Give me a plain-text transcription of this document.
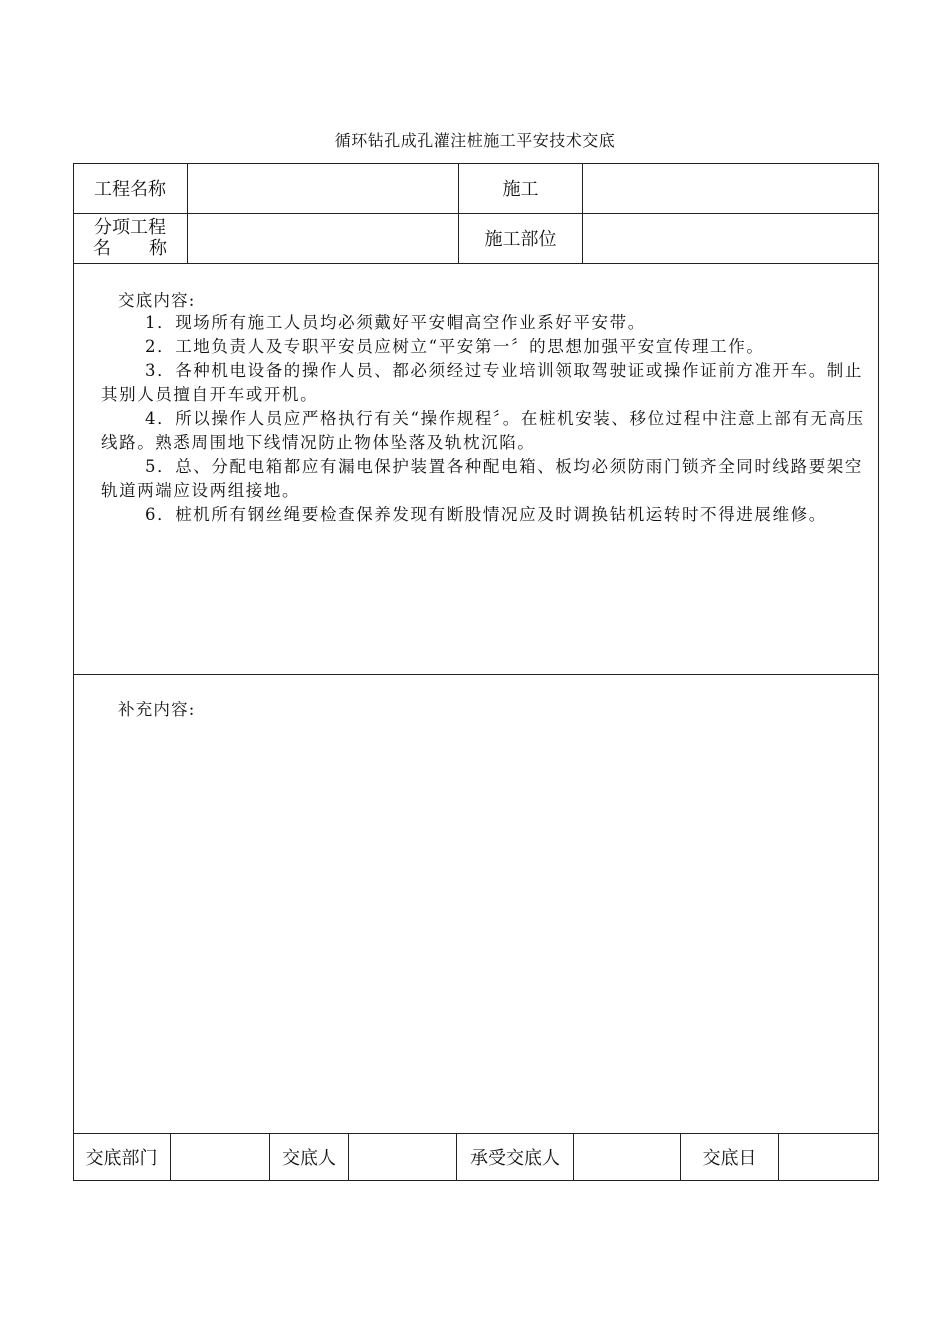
循环钻孔成孔灌注桩施工平安技术交底
工程名称	施工
分项工程
名 称	施工部位
交底内容:

1．现场所有施工人员均必须戴好平安帽高空作业系好平安带。

2．工地负责人及专职平安员应树立“平安第一〞的思想加强平安宣传理工作。

3．各种机电设备的操作人员、都必须经过专业培训领取驾驶证或操作证前方准开车。制止其别人员擅自开车或开机。

4．所以操作人员应严格执行有关“操作规程〞。在桩机安装、移位过程中注意上部有无高压线路。熟悉周围地下线情况防止物体坠落及轨枕沉陷。

5．总、分配电箱都应有漏电保护装置各种配电箱、板均必须防雨门锁齐全同时线路要架空轨道两端应设两组接地。

6．桩机所有钢丝绳要检查保养发现有断股情况应及时调换钻机运转时不得进展维修。

补充内容:
交底部门	交底人	承受交底人	交底日
